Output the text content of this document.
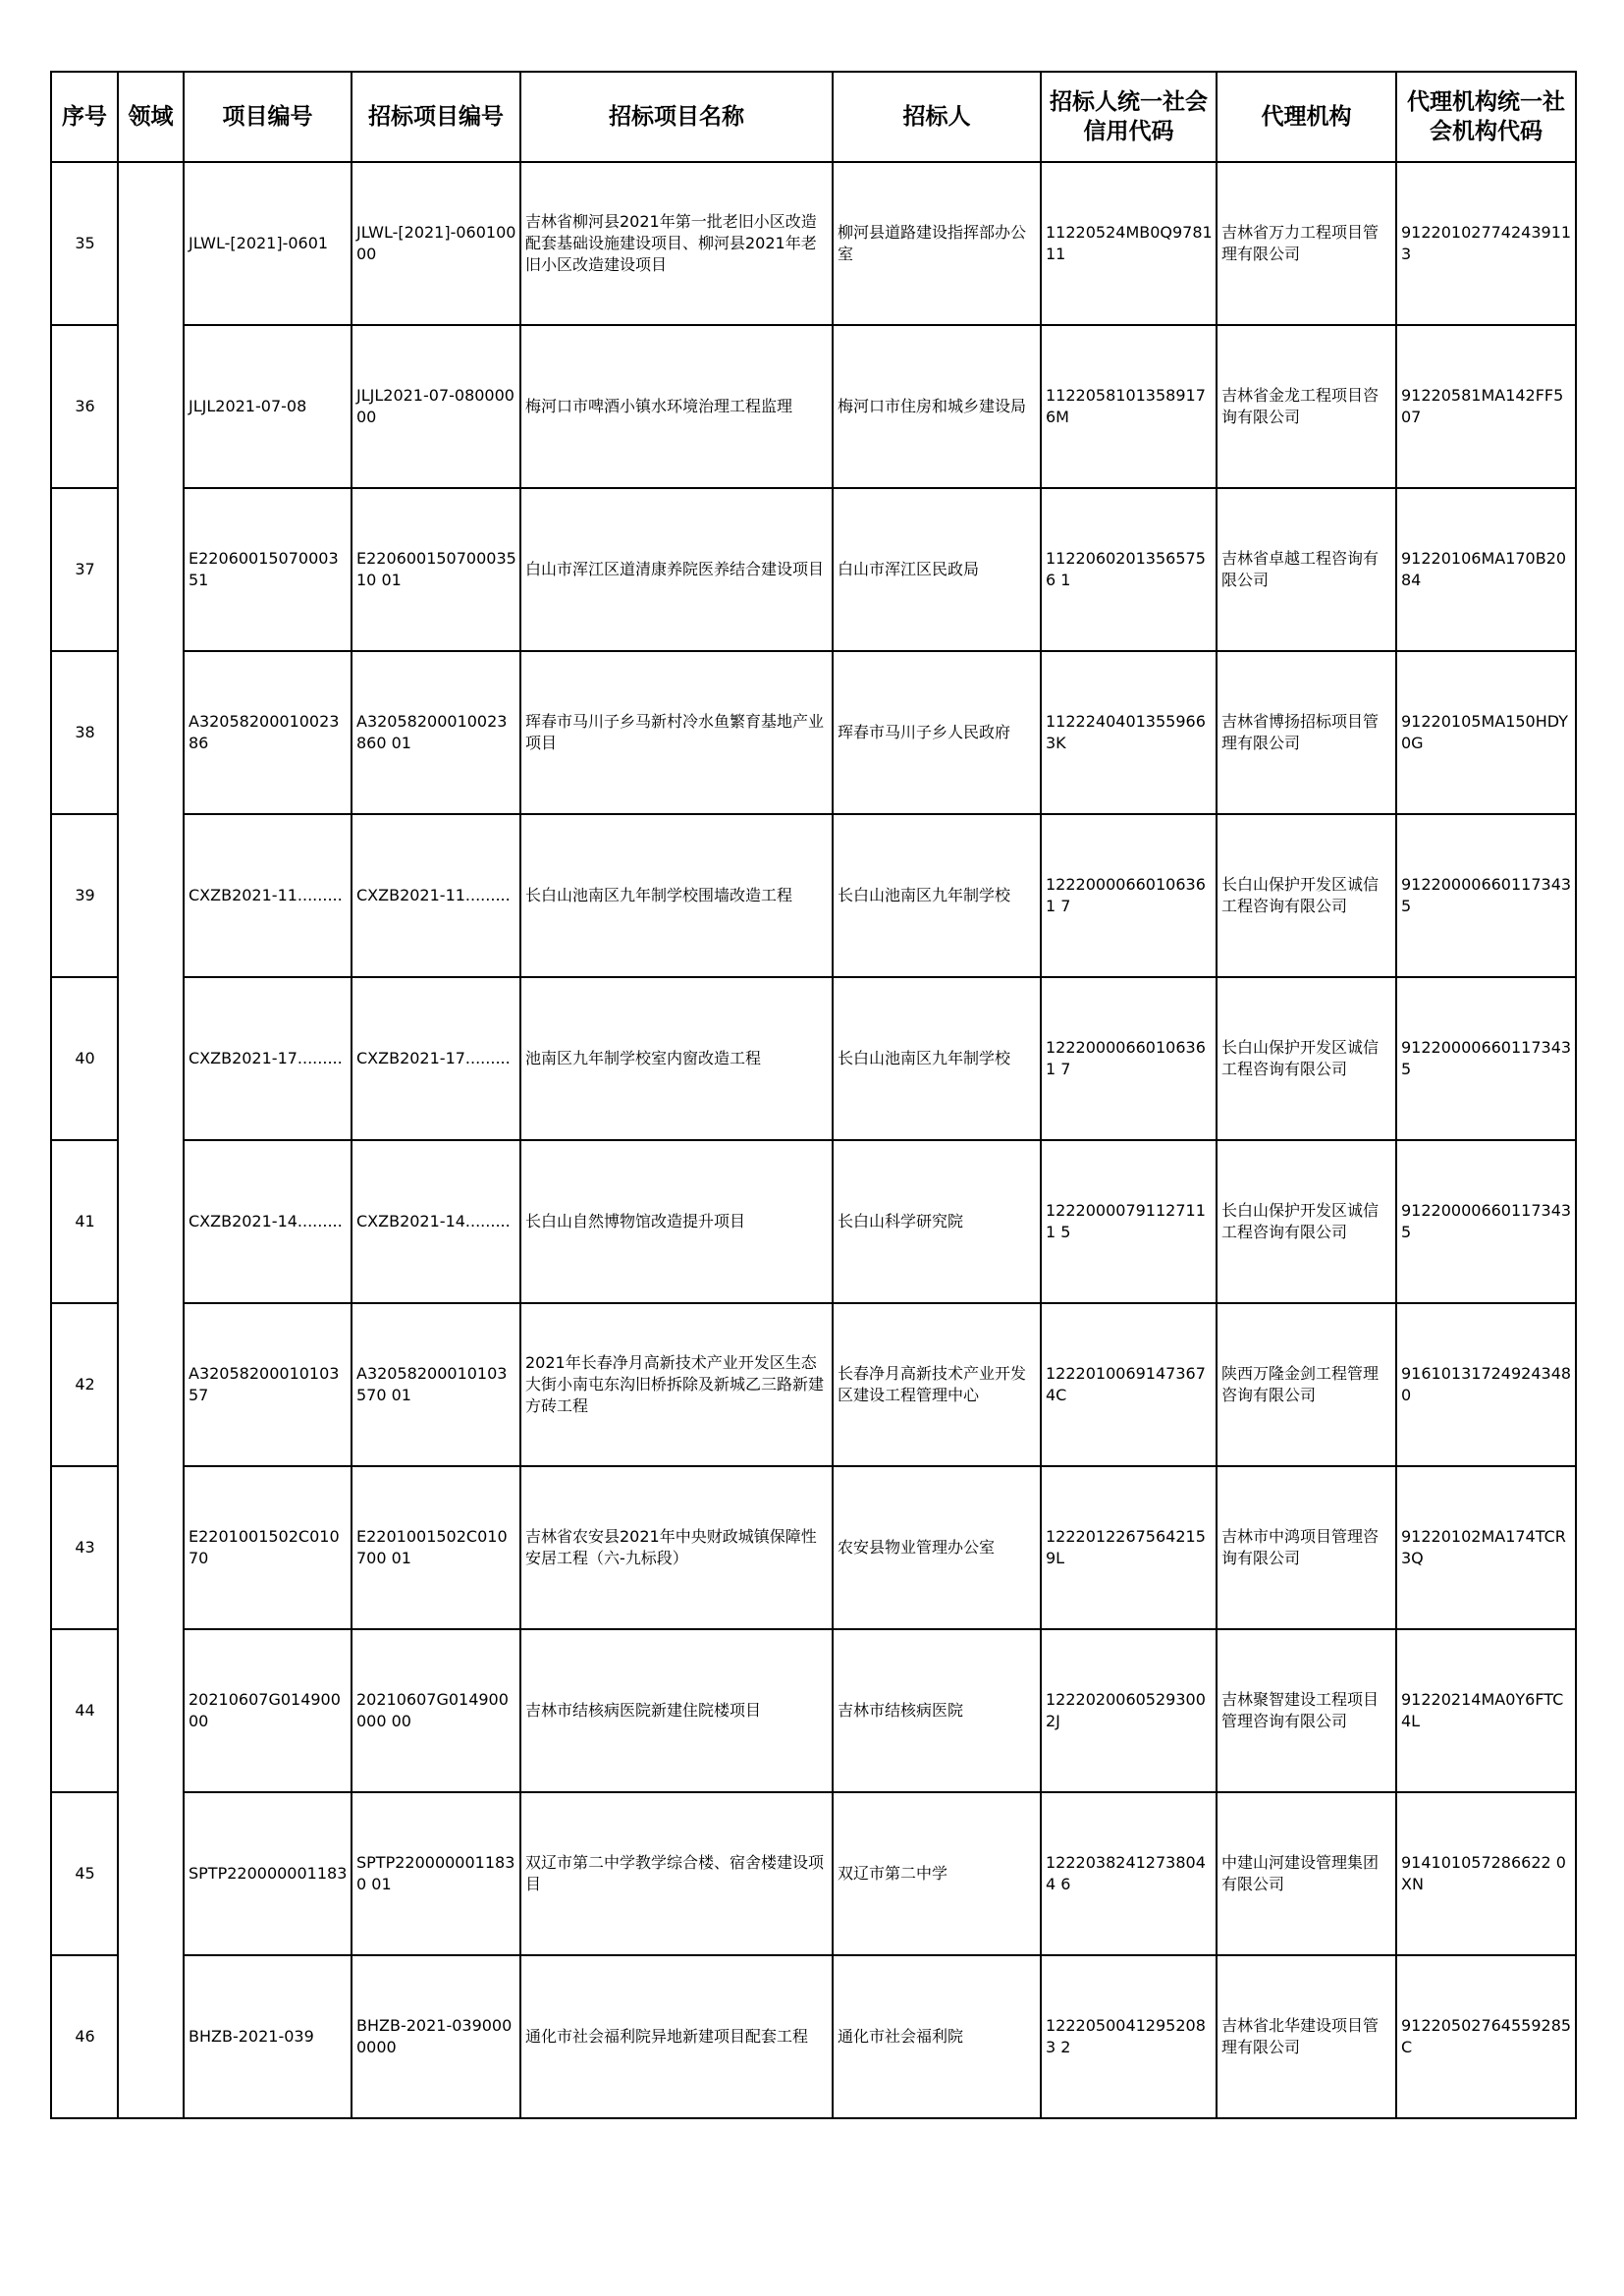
序号	领域	项目编号	招标项目编号	招标项目名称	招标人	招标人统一社会信用代码	代理机构	代理机构统一社会机构代码
35		JLWL-[2021]-0601	JLWL-[2021]-06010000	吉林省柳河县2021年第一批老旧小区改造配套基础设施建设项目、柳河县2021年老旧小区改造建设项目	柳河县道路建设指挥部办公室	11220524MB0Q978111	吉林省万力工程项目管理有限公司	91220102774243911 3
36		JLJL2021-07-08	JLJL2021-07-08000000	梅河口市啤酒小镇水环境治理工程监理	梅河口市住房和城乡建设局	11220581013589176M	吉林省金龙工程项目咨询有限公司	91220581MA142FF507
37		E2206001507000351	E22060015070003510 01	白山市浑江区道清康养院医养结合建设项目	白山市浑江区民政局	11220602013565756 1	吉林省卓越工程咨询有限公司	91220106MA170B2084
38		A3205820001002386	A32058200010023860 01	珲春市马川子乡马新村冷水鱼繁育基地产业项目	珲春市马川子乡人民政府	11222404013559663K	吉林省博扬招标项目管理有限公司	91220105MA150HDY0G
39		CXZB2021-11.........	CXZB2021-11.........	长白山池南区九年制学校围墙改造工程	长白山池南区九年制学校	12220000660106361 7	长白山保护开发区诚信工程咨询有限公司	91220000660117343 5
40		CXZB2021-17.........	CXZB2021-17.........	池南区九年制学校室内窗改造工程	长白山池南区九年制学校	12220000660106361 7	长白山保护开发区诚信工程咨询有限公司	91220000660117343 5
41		CXZB2021-14.........	CXZB2021-14.........	长白山自然博物馆改造提升项目	长白山科学研究院	12220000791127111 5	长白山保护开发区诚信工程咨询有限公司	91220000660117343 5
42		A3205820001010357	A32058200010103570 01	2021年长春净月高新技术产业开发区生态大街小南屯东沟旧桥拆除及新城乙三路新建方砖工程	长春净月高新技术产业开发区建设工程管理中心	12220100691473674C	陕西万隆金剑工程管理咨询有限公司	91610131724924348 0
43		E2201001502C01070	E2201001502C010700 01	吉林省农安县2021年中央财政城镇保障性安居工程（六-九标段）	农安县物业管理办公室	12220122675642159L	吉林市中鸿项目管理咨询有限公司	91220102MA174TCR3Q
44		20210607G01490000	20210607G014900000 00	吉林市结核病医院新建住院楼项目	吉林市结核病医院	12220200605293002J	吉林聚智建设工程项目管理咨询有限公司	91220214MA0Y6FTC4L
45		SPTP220000001183	SPTP2200000011830 01	双辽市第二中学教学综合楼、宿舍楼建设项目	双辽市第二中学	12220382412738044 6	中建山河建设管理集团有限公司	914101057286622 0XN
46		BHZB-2021-039	BHZB-2021-0390000000	通化市社会福利院异地新建项目配套工程	通化市社会福利院	12220500412952083 2	吉林省北华建设项目管理有限公司	91220502764559285C
